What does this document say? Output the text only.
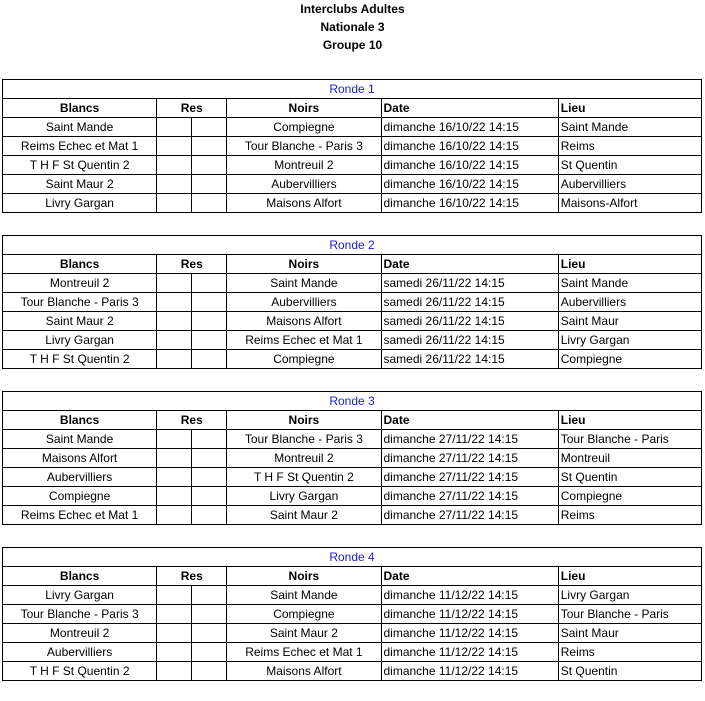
Interclubs Adultes
Nationale 3
Groupe 10
Ronde 1					
Blancs	Res		Noirs	Date	Lieu
Saint Mande			Compiegne	dimanche 16/10/22 14:15	Saint Mande
Reims Echec et Mat 1			Tour Blanche - Paris 3	dimanche 16/10/22 14:15	Reims
T H F St Quentin 2			Montreuil 2	dimanche 16/10/22 14:15	St Quentin
Saint Maur 2			Aubervilliers	dimanche 16/10/22 14:15	Aubervilliers
Livry Gargan			Maisons Alfort	dimanche 16/10/22 14:15	Maisons-Alfort
Ronde 2					
Blancs	Res		Noirs	Date	Lieu
Montreuil 2			Saint Mande	samedi 26/11/22 14:15	Saint Mande
Tour Blanche - Paris 3			Aubervilliers	samedi 26/11/22 14:15	Aubervilliers
Saint Maur 2			Maisons Alfort	samedi 26/11/22 14:15	Saint Maur
Livry Gargan			Reims Echec et Mat 1	samedi 26/11/22 14:15	Livry Gargan
T H F St Quentin 2			Compiegne	samedi 26/11/22 14:15	Compiegne
Ronde 3					
Blancs	Res		Noirs	Date	Lieu
Saint Mande			Tour Blanche - Paris 3	dimanche 27/11/22 14:15	Tour Blanche - Paris
Maisons Alfort			Montreuil 2	dimanche 27/11/22 14:15	Montreuil
Aubervilliers			T H F St Quentin 2	dimanche 27/11/22 14:15	St Quentin
Compiegne			Livry Gargan	dimanche 27/11/22 14:15	Compiegne
Reims Echec et Mat 1			Saint Maur 2	dimanche 27/11/22 14:15	Reims
Ronde 4					
Blancs	Res		Noirs	Date	Lieu
Livry Gargan			Saint Mande	dimanche 11/12/22 14:15	Livry Gargan
Tour Blanche - Paris 3			Compiegne	dimanche 11/12/22 14:15	Tour Blanche - Paris
Montreuil 2			Saint Maur 2	dimanche 11/12/22 14:15	Saint Maur
Aubervilliers			Reims Echec et Mat 1	dimanche 11/12/22 14:15	Reims
T H F St Quentin 2			Maisons Alfort	dimanche 11/12/22 14:15	St Quentin
